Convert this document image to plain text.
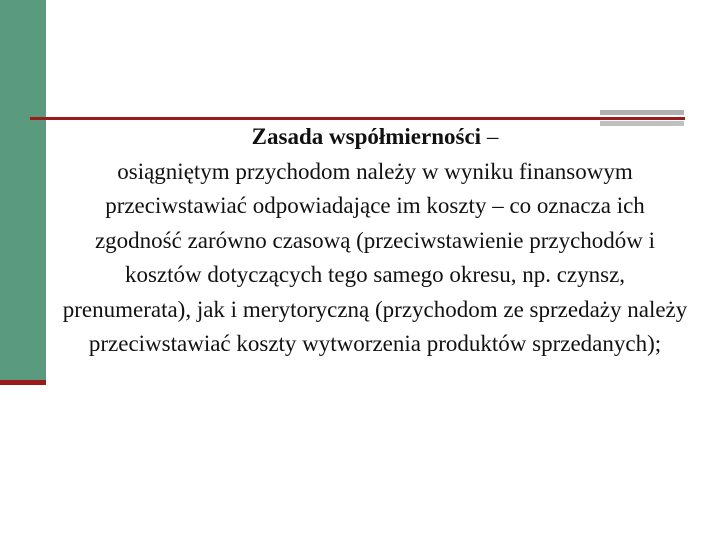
Zasada współmierności –
osiągniętym przychodom należy w wyniku finansowym przeciwstawiać odpowiadające im koszty – co oznacza ich zgodność zarówno czasową (przeciwstawienie przychodów i kosztów dotyczących tego samego okresu, np. czynsz, prenumerata), jak i merytoryczną (przychodom ze sprzedaży należy przeciwstawiać koszty wytworzenia produktów sprzedanych);
